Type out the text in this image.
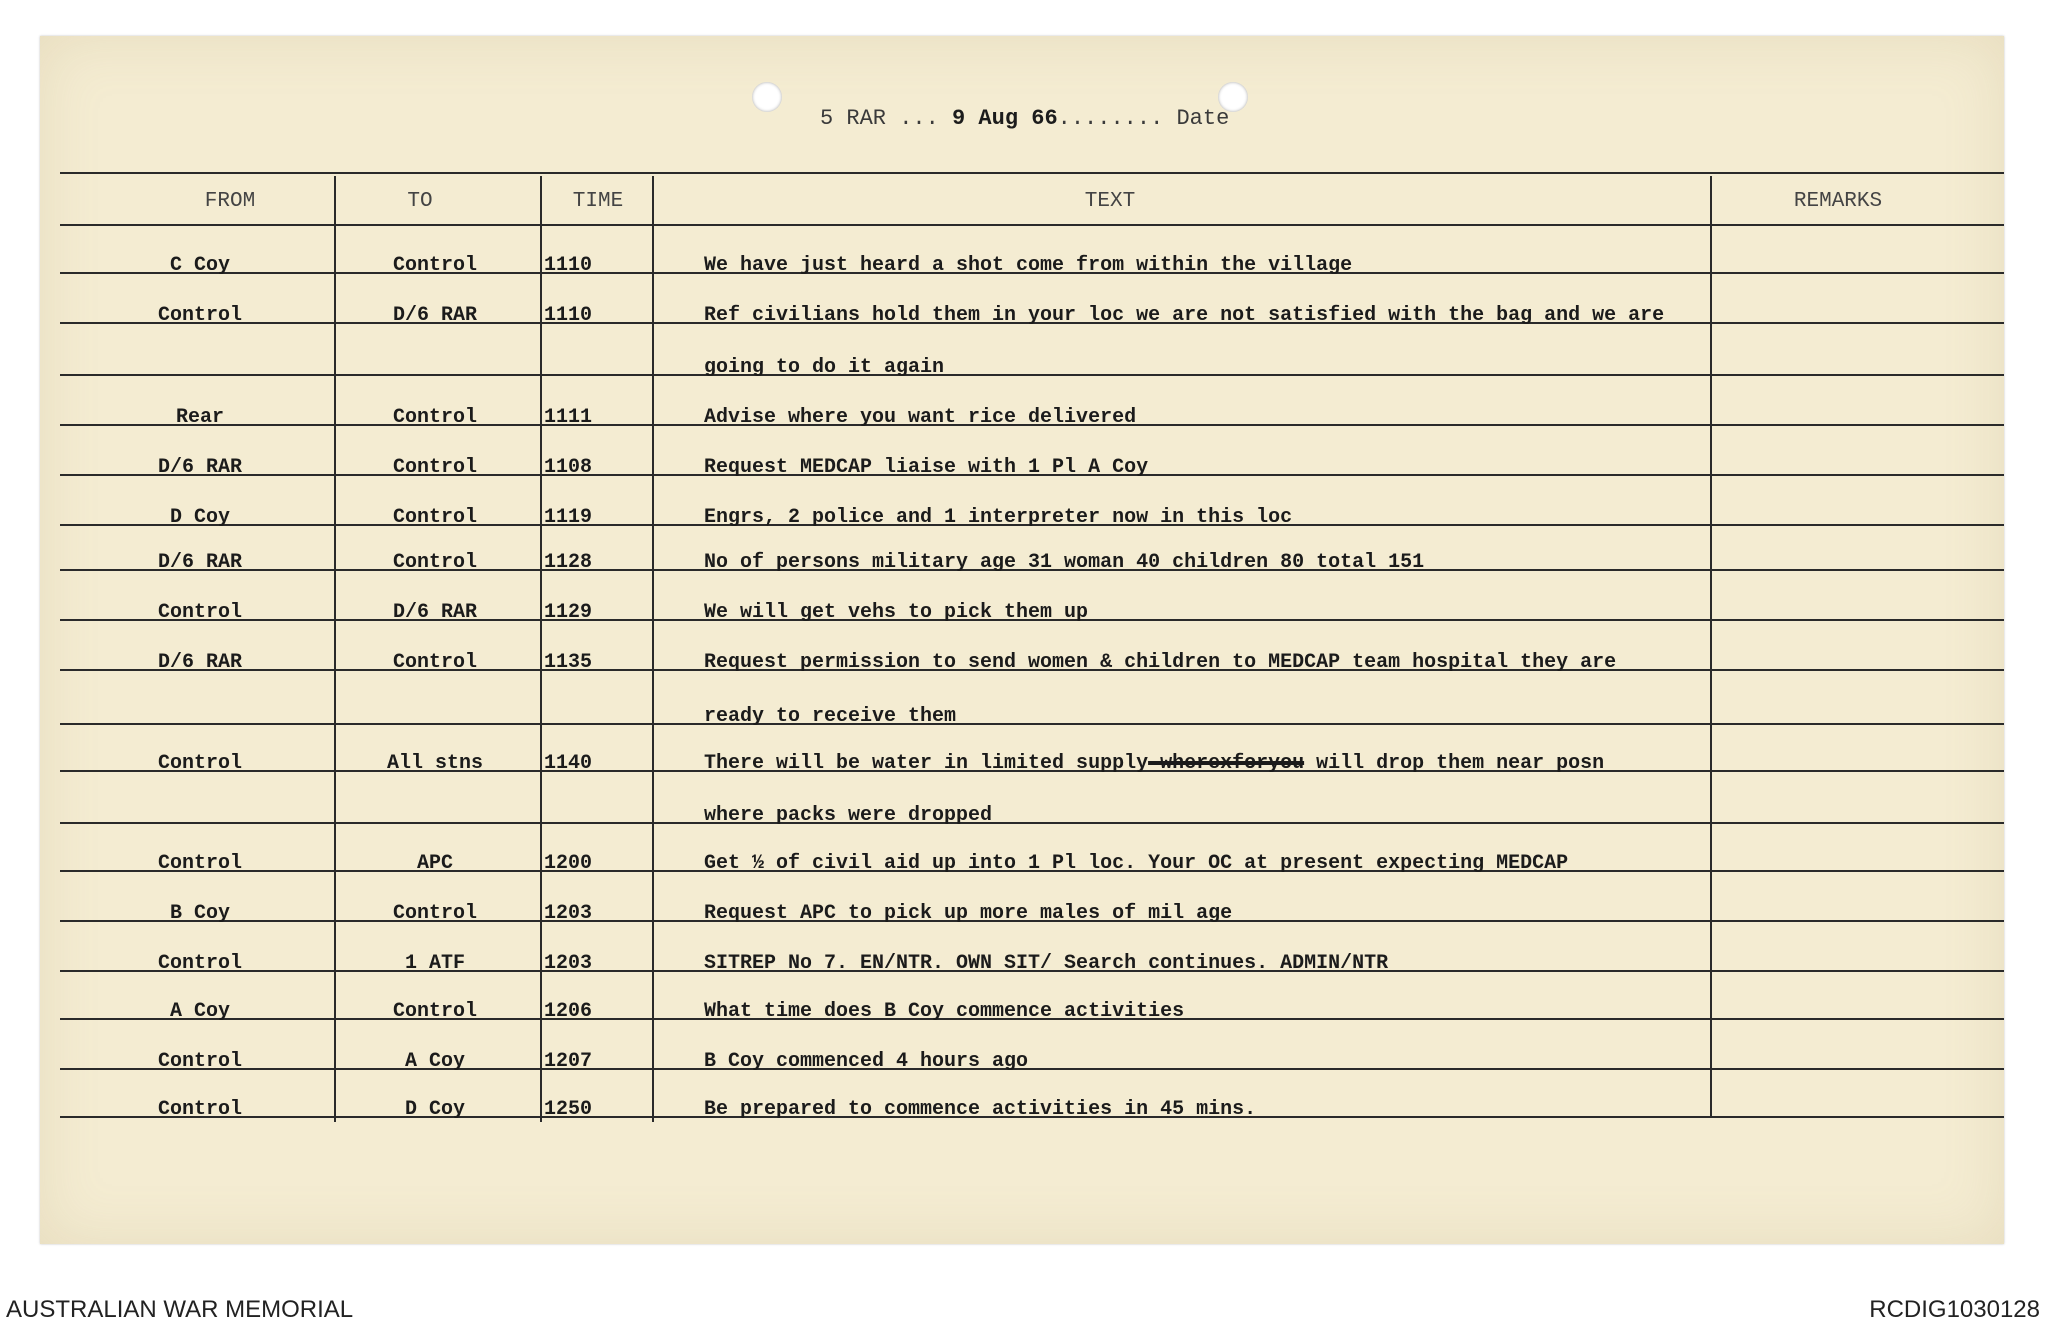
5 RAR ... 9 Aug 66........ Date
FROM	TO	TIME	TEXT	REMARKS
C Coy	Control	1110	We have just heard a shot come from within the village
Control	D/6 RAR	1110	Ref civilians hold them in your loc we are not satisfied with the bag and we are
going to do it again
Rear	Control	1111	Advise where you want rice delivered
D/6 RAR	Control	1108	Request MEDCAP liaise with 1 Pl A Coy
D Coy	Control	1119	Engrs, 2 police and 1 interpreter now in this loc
D/6 RAR	Control	1128	No of persons military age 31 woman 40 children 80 total 151
Control	D/6 RAR	1129	We will get vehs to pick them up
D/6 RAR	Control	1135	Request permission to send women & children to MEDCAP team hospital they are
ready to receive them
Control	All stns	1140	There will be water in limited supply wherexforyou will drop them near posn
where packs were dropped
Control	APC	1200	Get ½ of civil aid up into 1 Pl loc. Your OC at present expecting MEDCAP
B Coy	Control	1203	Request APC to pick up more males of mil age
Control	1 ATF	1203	SITREP No 7. EN/NTR. OWN SIT/ Search continues. ADMIN/NTR
A Coy	Control	1206	What time does B Coy commence activities
Control	A Coy	1207	B Coy commenced 4 hours ago
Control	D Coy	1250	Be prepared to commence activities in 45 mins.
AUSTRALIAN WAR MEMORIAL	RCDIG1030128
